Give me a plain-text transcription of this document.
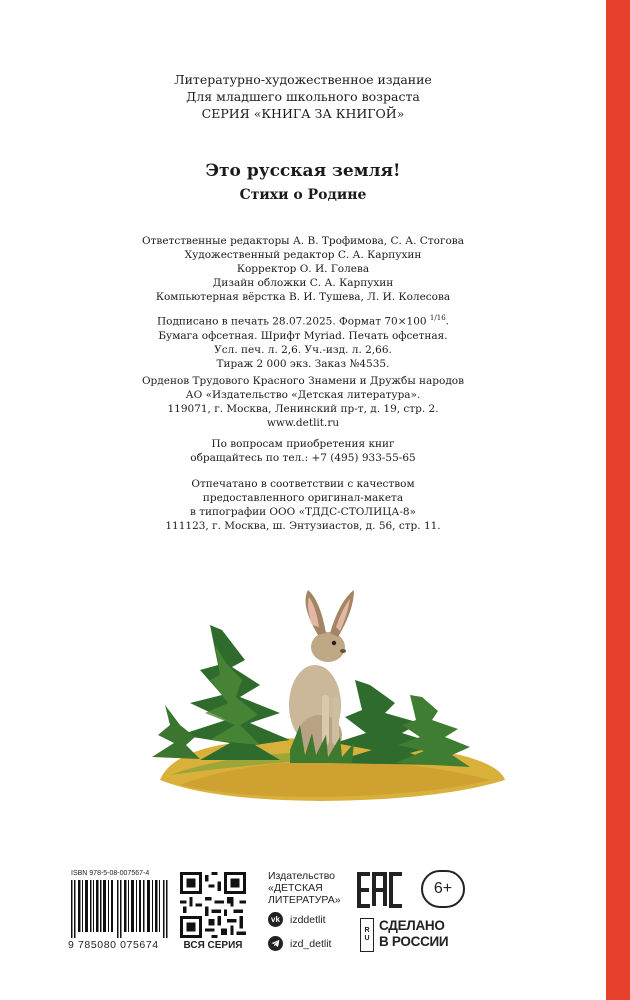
Литературно-художественное издание
Для младшего школьного возраста
СЕРИЯ «КНИГА ЗА КНИГОЙ»
Это русская земля!
Стихи о Родине
Ответственные редакторы А. В. Трофимова, С. А. Стогова
Художественный редактор С. А. Карпухин
Корректор О. И. Голева
Дизайн обложки С. А. Карпухин
Компьютерная вёрстка В. И. Тушева, Л. И. Колесова
Подписано в печать 28.07.2025. Формат 70×100 $^{1/16}$.
Бумага офсетная. Шрифт Myriad. Печать офсетная.
Усл. печ. л. 2,6. Уч.-изд. л. 2,66.
Тираж 2 000 экз. Заказ №4535.
Орденов Трудового Красного Знамени и Дружбы народов
АО «Издательство «Детская литература».
119071, г. Москва, Ленинский пр-т, д. 19, стр. 2.
www.detlit.ru
По вопросам приобретения книг
обращайтесь по тел.: +7 (495) 933-55-65
Отпечатано в соответствии с качеством
предоставленного оригинал-макета
в типографии ООО «ТДДС-СТОЛИЦА-8»
111123, г. Москва, ш. Энтузиастов, д. 56, стр. 11.
ISBN 978-5-08-007567-4
9 785080 075674	ВСЯ СЕРИЯ
Издательство
«ДЕТСКАЯ
ЛИТЕРАТУРА»
vk izddetlit
izd_detlit
6+
R
U
СДЕЛАНО
В РОССИИ
